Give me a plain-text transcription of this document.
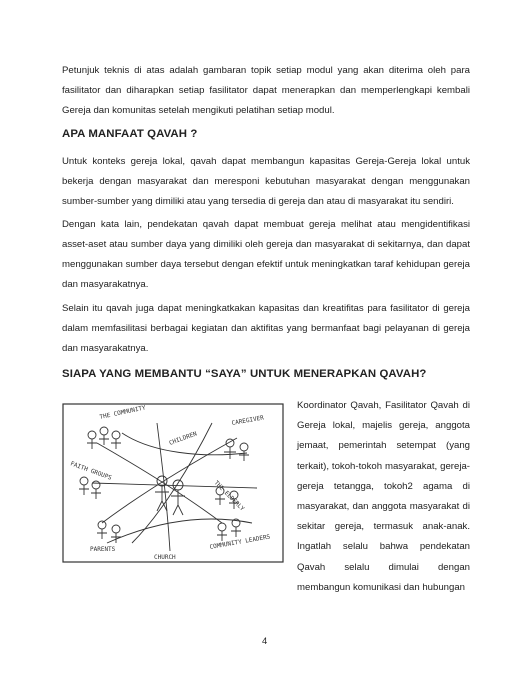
Petunjuk teknis di atas adalah gambaran topik setiap modul yang akan diterima oleh para fasilitator dan diharapkan setiap fasilitator dapat menerapkan dan memperlengkapi kembali Gereja dan komunitas setelah mengikuti pelatihan setiap modul.

APA MANFAAT QAVAH ?

Untuk konteks gereja lokal, qavah dapat membangun kapasitas Gereja-Gereja lokal untuk bekerja dengan masyarakat dan meresponi kebutuhan masyarakat dengan menggunakan sumber-sumber yang dimiliki atau yang tersedia di gereja dan atau di masyarakat itu sendiri.

Dengan kata lain, pendekatan qavah dapat membuat gereja melihat atau mengidentifikasi asset-aset atau sumber daya yang dimiliki oleh gereja dan masyarakat di sekitarnya, dan dapat menggunakan sumber daya tersebut dengan efektif untuk meningkatkan taraf kehidupan gereja dan masyarakatnya.

Selain itu qavah juga dapat meningkatkakan kapasitas dan kreatifitas para fasilitator di gereja dalam memfasilitasi berbagai kegiatan dan aktifitas yang bermanfaat bagi pelayanan di gereja dan masyarakatnya.

SIAPA YANG MEMBANTU “SAYA” UNTUK MENERAPKAN QAVAH?

THE COMMUNITY
CHILDREN
CAREGIVER
FAITH GROUPS
THE ELDERLY
PARENTS	COMMUNITY LEADERS
CHURCH

Koordinator Qavah, Fasilitator Qavah di Gereja lokal, majelis gereja, anggota jemaat, pemerintah setempat (yang terkait), tokoh-tokoh masyarakat, gereja-gereja tetangga, tokoh2 agama di masyarakat, dan anggota masyarakat di sekitar gereja, termasuk anak-anak. Ingatlah selalu bahwa pendekatan Qavah selalu dimulai dengan membangun komunikasi dan hubungan

4
